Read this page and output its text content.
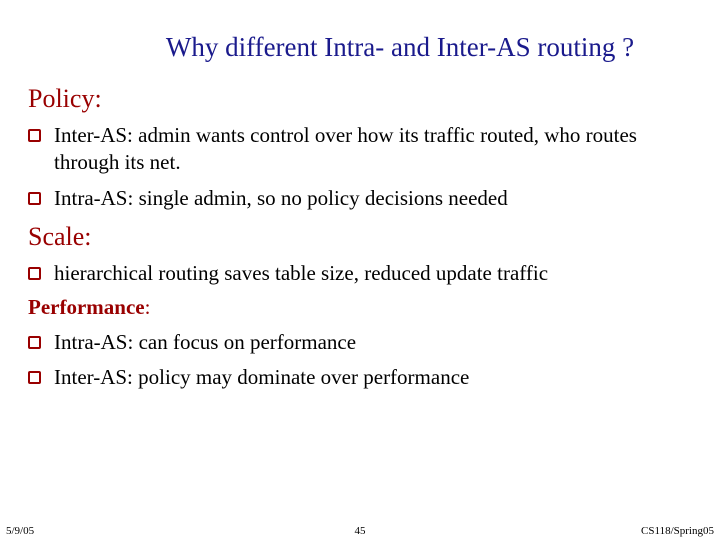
Why different Intra- and Inter-AS routing ?
Policy:
Inter-AS: admin wants control over how its traffic routed, who routes through its net.
Intra-AS: single admin, so no policy decisions needed
Scale:
hierarchical routing saves table size, reduced update traffic
Performance:
Intra-AS: can focus on performance
Inter-AS: policy may dominate over performance
5/9/05	45	CS118/Spring05
